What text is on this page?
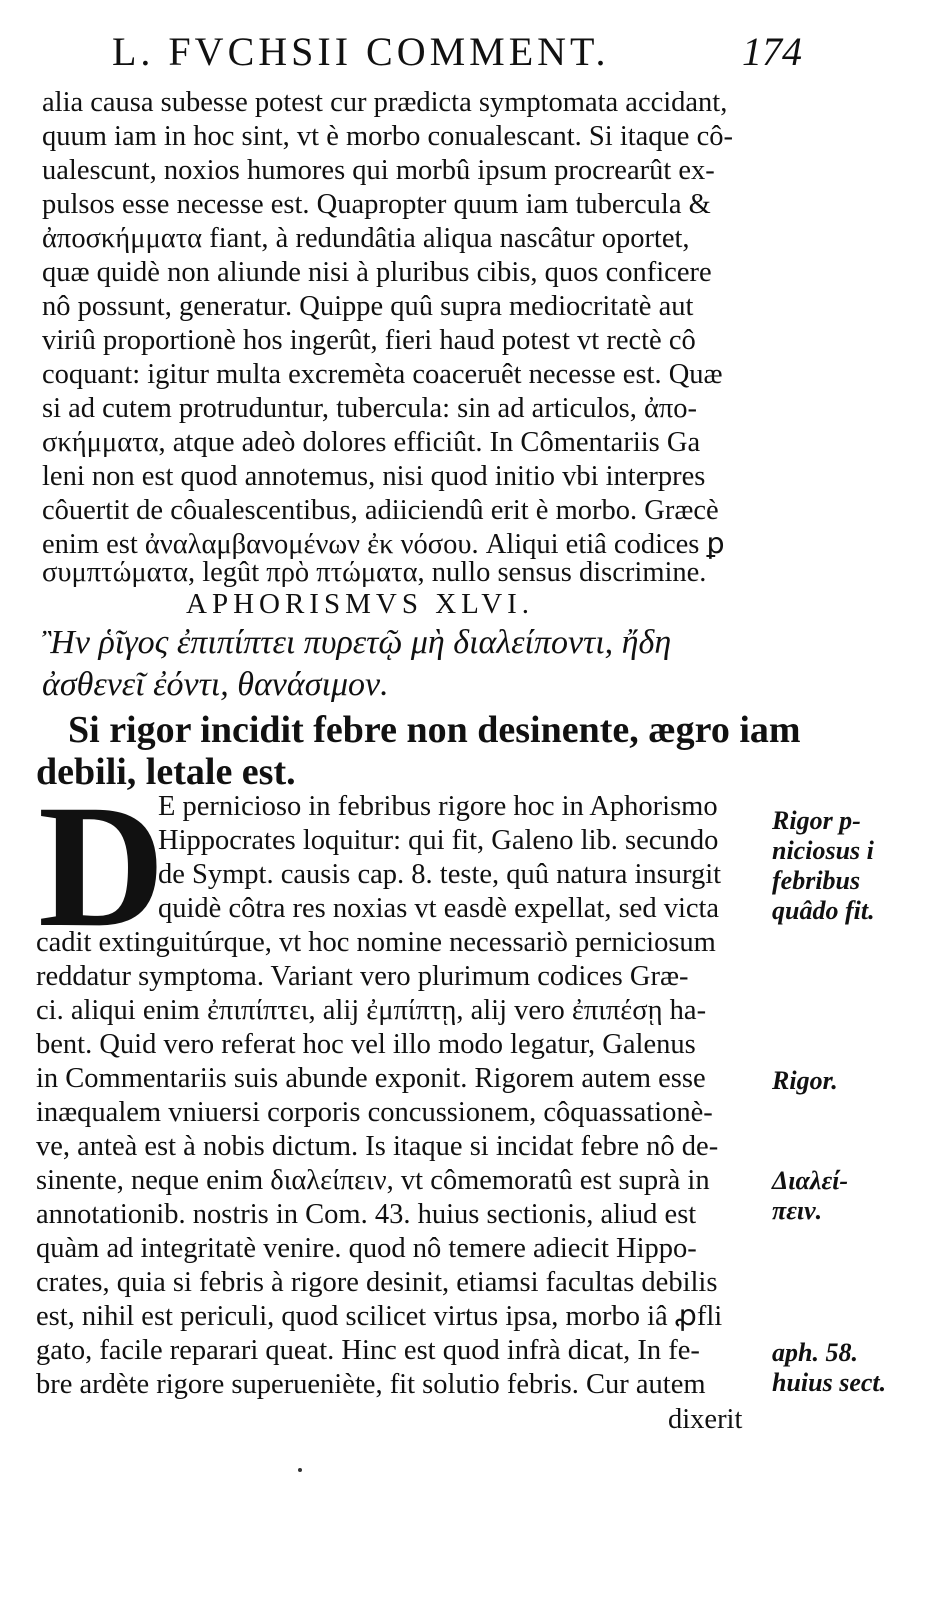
L. FVCHSII COMMENT.	174
alia causa subesse potest cur prædicta symptomata accidant,
quum iam in hoc sint, vt è morbo conualescant. Si itaque cô-
ualescunt, noxios humores qui morbû ipsum procrearût ex-
pulsos esse necesse est. Quapropter quum iam tubercula &
ἀποσκήμματα fiant, à redundâtia aliqua nascâtur oportet,
quæ quidè non aliunde nisi à pluribus cibis, quos conficere
nô possunt, generatur. Quippe quû supra mediocritatè aut
viriû proportionè hos ingerût, fieri haud potest vt rectè cô
coquant: igitur multa excremèta coaceruêt necesse est. Quæ
si ad cutem protruduntur, tubercula: sin ad articulos, ἀπο-
σκήμματα, atque adeò dolores efficiût. In Cômentariis Ga
leni non est quod annotemus, nisi quod initio vbi interpres
côuertit de côualescentibus, adiiciendû erit è morbo. Græcè
enim est ἀναλαμβανομένων ἐκ νόσου. Aliqui etiâ codices ꝑ
συμπτώματα, legût πρὸ πτώματα, nullo sensus discrimine.
APHORISMVS XLVI.
Ἢν ῥῖγος ἐπιπίπτει πυρετῷ μὴ διαλείποντι, ἤδη
ἀσθενεῖ ἐόντι, θανάσιμον.
Si rigor incidit febre non desinente, ægro iam
debili, letale est.
D
E pernicioso in febribus rigore hoc in Aphorismo
Hippocrates loquitur: qui fit, Galeno lib. secundo
de Sympt. causis cap. 8. teste, quû natura insurgit
quidè côtra res noxias vt easdè expellat, sed victa
cadit extinguitúrque, vt hoc nomine necessariò perniciosum
reddatur symptoma. Variant vero plurimum codices Græ-
ci. aliqui enim ἐπιπίπτει, alij ἐμπίπτῃ, alij vero ἐπιπέσῃ ha-
bent. Quid vero referat hoc vel illo modo legatur, Galenus
in Commentariis suis abunde exponit. Rigorem autem esse
inæqualem vniuersi corporis concussionem, côquassationè-
ve, anteà est à nobis dictum. Is itaque si incidat febre nô de-
sinente, neque enim διαλείπειν, vt cômemoratû est suprà in
annotationib. nostris in Com. 43. huius sectionis, aliud est
quàm ad integritatè venire. quod nô temere adiecit Hippo-
crates, quia si febris à rigore desinit, etiamsi facultas debilis
est, nihil est periculi, quod scilicet virtus ipsa, morbo iâ ꝓfli
gato, facile reparari queat. Hinc est quod infrà dicat, In fe-
bre ardète rigore superueniète, fit solutio febris. Cur autem
dixerit
Rigor p-
niciosus i
febribus
quâdo fit.
Rigor.
Διαλεί-
πειν.
aph. 58.
huius sect.
